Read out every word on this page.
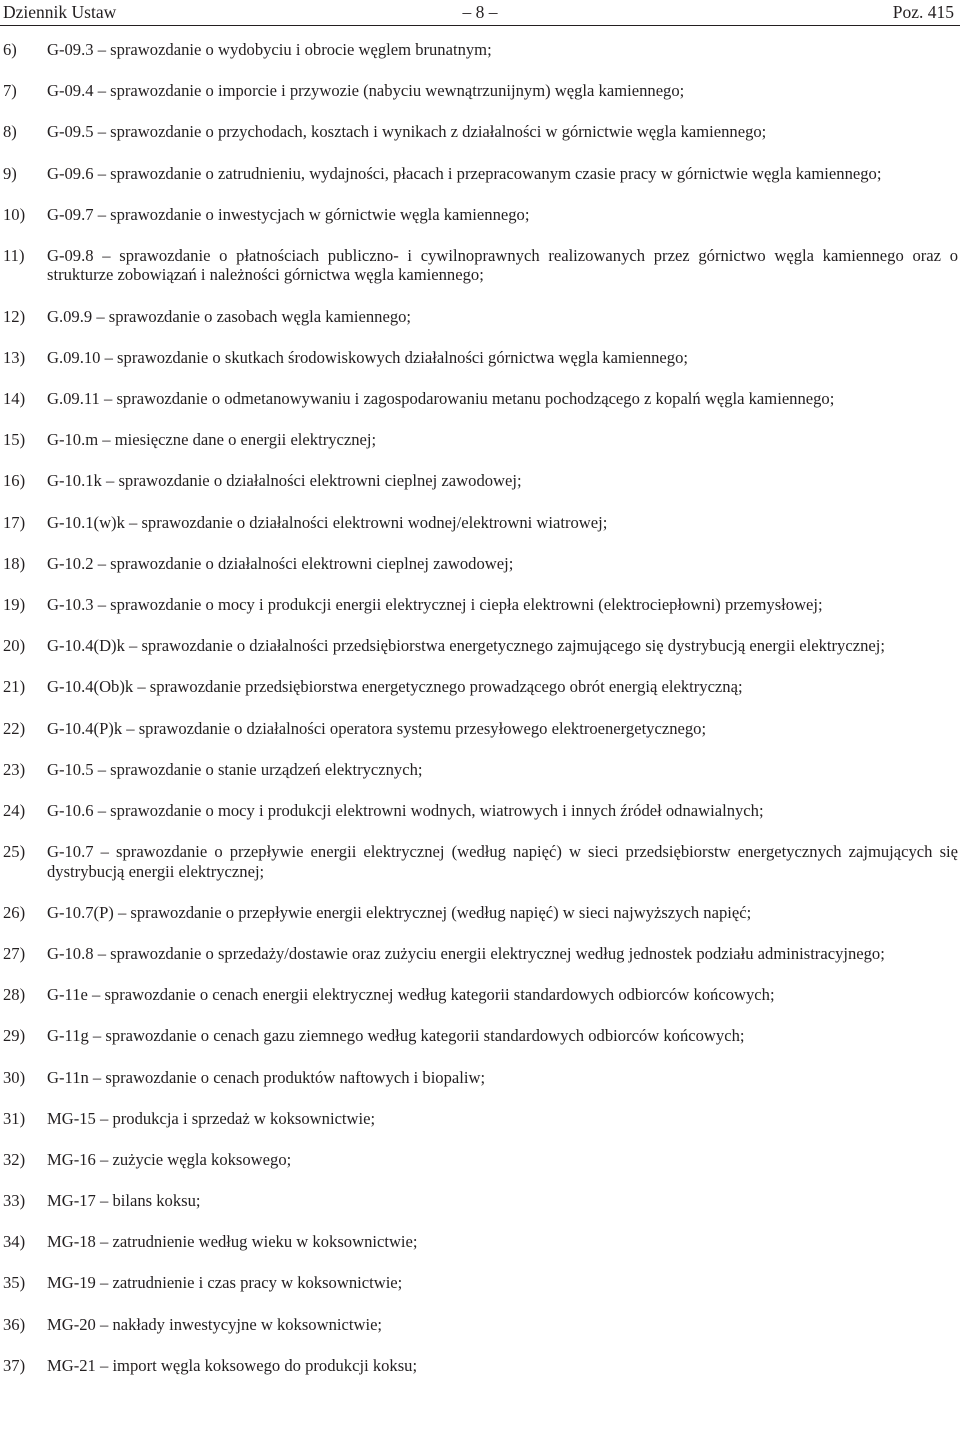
Dziennik Ustaw	– 8 –	Poz. 415
6) G-09.3 – sprawozdanie o wydobyciu i obrocie węglem brunatnym;
7) G-09.4 – sprawozdanie o imporcie i przywozie (nabyciu wewnątrzunijnym) węgla kamiennego;
8) G-09.5 – sprawozdanie o przychodach, kosztach i wynikach z działalności w górnictwie węgla kamiennego;
9) G-09.6 – sprawozdanie o zatrudnieniu, wydajności, płacach i przepracowanym czasie pracy w górnictwie węgla kamiennego;
10) G-09.7 – sprawozdanie o inwestycjach w górnictwie węgla kamiennego;
11) G-09.8 – sprawozdanie o płatnościach publiczno- i cywilnoprawnych realizowanych przez górnictwo węgla kamiennego oraz o strukturze zobowiązań i należności górnictwa węgla kamiennego;
12) G.09.9 – sprawozdanie o zasobach węgla kamiennego;
13) G.09.10 – sprawozdanie o skutkach środowiskowych działalności górnictwa węgla kamiennego;
14) G.09.11 – sprawozdanie o odmetanowywaniu i zagospodarowaniu metanu pochodzącego z kopalń węgla kamiennego;
15) G-10.m – miesięczne dane o energii elektrycznej;
16) G-10.1k – sprawozdanie o działalności elektrowni cieplnej zawodowej;
17) G-10.1(w)k – sprawozdanie o działalności elektrowni wodnej/elektrowni wiatrowej;
18) G-10.2 – sprawozdanie o działalności elektrowni cieplnej zawodowej;
19) G-10.3 – sprawozdanie o mocy i produkcji energii elektrycznej i ciepła elektrowni (elektrociepłowni) przemysłowej;
20) G-10.4(D)k – sprawozdanie o działalności przedsiębiorstwa energetycznego zajmującego się dystrybucją energii elektrycznej;
21) G-10.4(Ob)k – sprawozdanie przedsiębiorstwa energetycznego prowadzącego obrót energią elektryczną;
22) G-10.4(P)k – sprawozdanie o działalności operatora systemu przesyłowego elektroenergetycznego;
23) G-10.5 – sprawozdanie o stanie urządzeń elektrycznych;
24) G-10.6 – sprawozdanie o mocy i produkcji elektrowni wodnych, wiatrowych i innych źródeł odnawialnych;
25) G-10.7 – sprawozdanie o przepływie energii elektrycznej (według napięć) w sieci przedsiębiorstw energetycznych zajmujących się dystrybucją energii elektrycznej;
26) G-10.7(P) – sprawozdanie o przepływie energii elektrycznej (według napięć) w sieci najwyższych napięć;
27) G-10.8 – sprawozdanie o sprzedaży/dostawie oraz zużyciu energii elektrycznej według jednostek podziału administracyjnego;
28) G-11e – sprawozdanie o cenach energii elektrycznej według kategorii standardowych odbiorców końcowych;
29) G-11g – sprawozdanie o cenach gazu ziemnego według kategorii standardowych odbiorców końcowych;
30) G-11n – sprawozdanie o cenach produktów naftowych i biopaliw;
31) MG-15 – produkcja i sprzedaż w koksownictwie;
32) MG-16 – zużycie węgla koksowego;
33) MG-17 – bilans koksu;
34) MG-18 – zatrudnienie według wieku w koksownictwie;
35) MG-19 – zatrudnienie i czas pracy w koksownictwie;
36) MG-20 – nakłady inwestycyjne w koksownictwie;
37) MG-21 – import węgla koksowego do produkcji koksu;
